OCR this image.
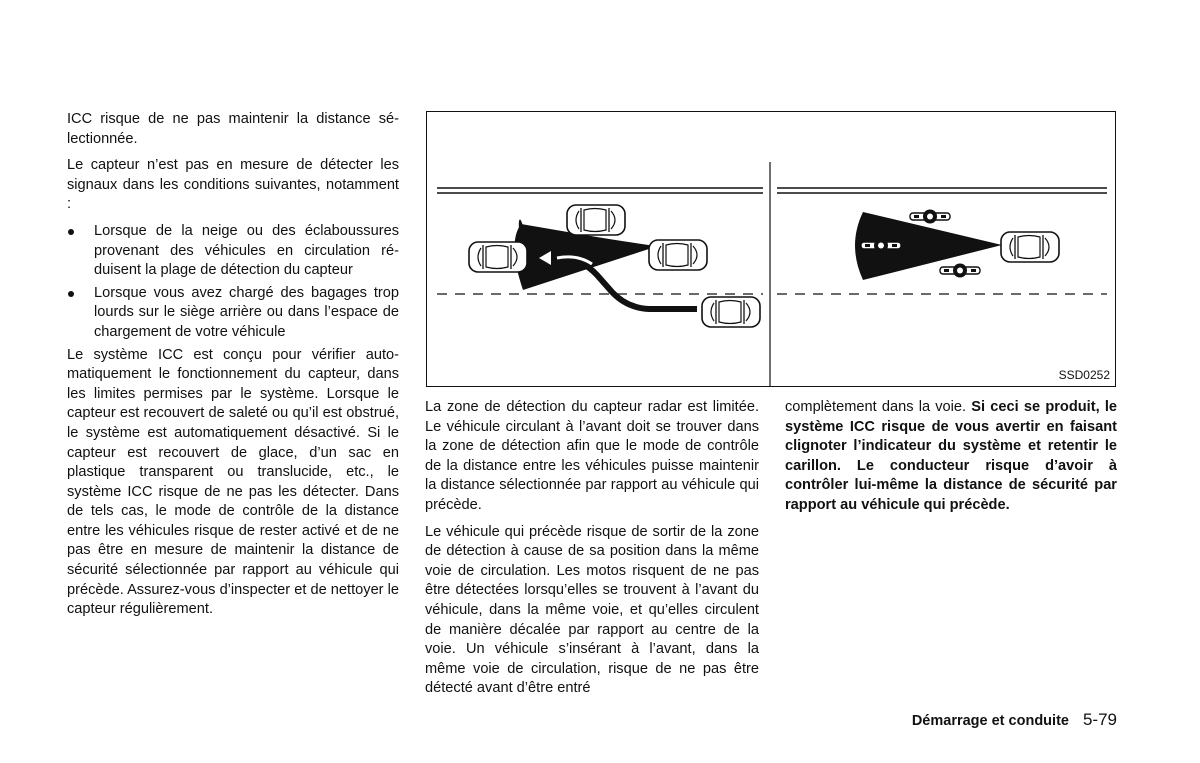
ICC risque de ne pas maintenir la distance sélectionnée.

Le capteur n’est pas en mesure de détecter les signaux dans les conditions suivantes, notamment :

Lorsque de la neige ou des éclaboussures provenant des véhicules en circulation réduisent la plage de détection du capteur
Lorsque vous avez chargé des bagages trop lourds sur le siège arrière ou dans l’espace de chargement de votre véhicule

Le système ICC est conçu pour vérifier automatiquement le fonctionnement du capteur, dans les limites permises par le système. Lorsque le capteur est recouvert de saleté ou qu’il est obstrué, le système est automatiquement désactivé. Si le capteur est recouvert de glace, d’un sac en plastique transparent ou translucide, etc., le système ICC risque de ne pas les détecter. Dans de tels cas, le mode de contrôle de la distance entre les véhicules risque de rester activé et de ne pas être en mesure de maintenir la distance de sécurité sélectionnée par rapport au véhicule qui précède. Assurez-vous d’inspecter et de nettoyer le capteur régulièrement.

SSD0252

La zone de détection du capteur radar est limitée. Le véhicule circulant à l’avant doit se trouver dans la zone de détection afin que le mode de contrôle de la distance entre les véhicules puisse maintenir la distance sélectionnée par rapport au véhicule qui précède.

Le véhicule qui précède risque de sortir de la zone de détection à cause de sa position dans la même voie de circulation. Les motos risquent de ne pas être détectées lorsqu’elles se trouvent à l’avant du véhicule, dans la même voie, et qu’elles circulent de manière décalée par rapport au centre de la voie. Un véhicule s’insérant à l’avant, dans la même voie de circulation, risque de ne pas être détecté avant d’être entré

complètement dans la voie. Si ceci se produit, le système ICC risque de vous avertir en faisant clignoter l’indicateur du système et retentir le carillon. Le conducteur risque d’avoir à contrôler lui-même la distance de sécurité par rapport au véhicule qui précède.

Démarrage et conduite 5-79
